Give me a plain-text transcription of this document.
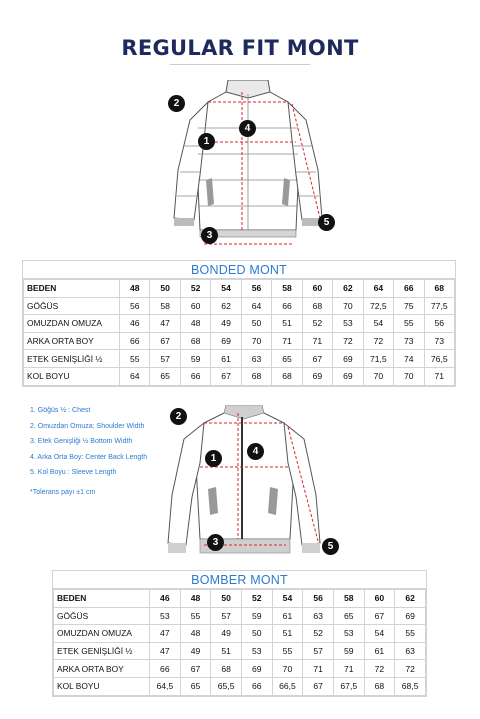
REGULAR FIT MONT
2
4
1
3
5
BONDED MONT
BEDEN	48	50	52	54	56	58	60	62	64	66	68
GÖĞÜS	56	58	60	62	64	66	68	70	72,5	75	77,5
OMUZDAN OMUZA	46	47	48	49	50	51	52	53	54	55	56
ARKA ORTA BOY	66	67	68	69	70	71	71	72	72	73	73
ETEK GENİŞLİĞİ ½	55	57	59	61	63	65	67	69	71,5	74	76,5
KOL BOYU	64	65	66	67	68	68	69	69	70	70	71
1. Göğüs ½ : Chest
2. Omuzdan Omuza: Shoulder Width
3. Etek Genişliği ½ Bottom Width
4. Arka Orta Boy: Center Back Length
5. Kol Boyu : Sleeve Length
*Tolerans payı ±1 cm
2
4
1
3	5
BOMBER MONT
BEDEN	46	48	50	52	54	56	58	60	62
GÖĞÜS	53	55	57	59	61	63	65	67	69
OMUZDAN OMUZA	47	48	49	50	51	52	53	54	55
ETEK GENİŞLİĞİ ½	47	49	51	53	55	57	59	61	63
ARKA ORTA BOY	66	67	68	69	70	71	71	72	72
KOL BOYU	64,5	65	65,5	66	66,5	67	67,5	68	68,5
